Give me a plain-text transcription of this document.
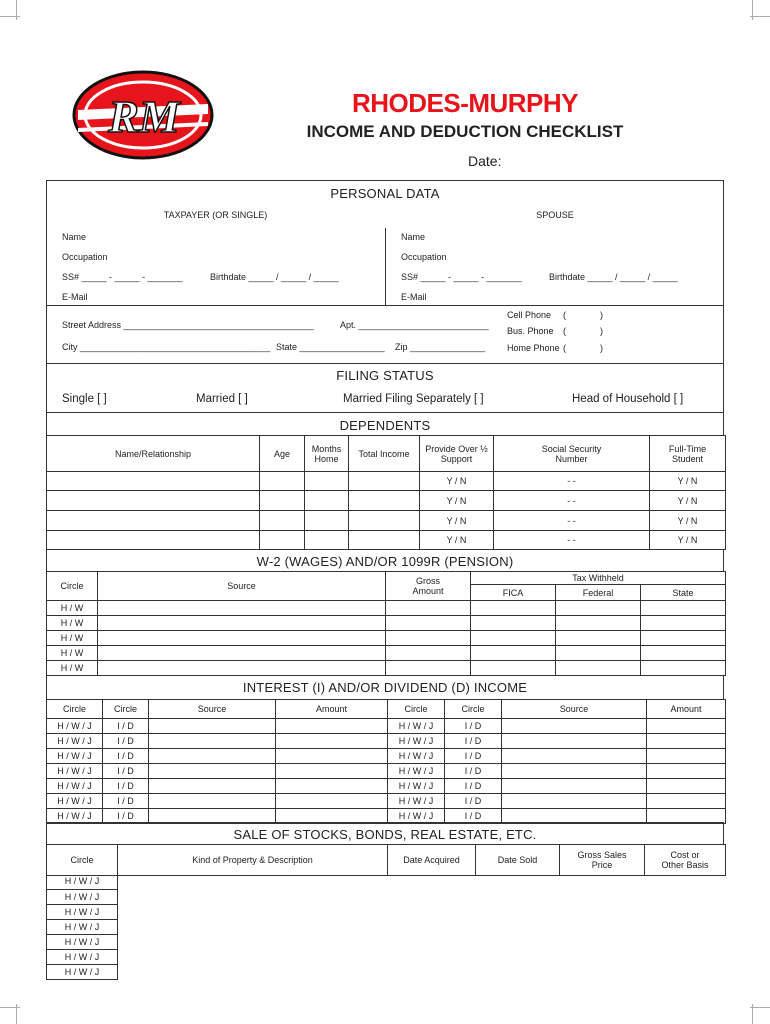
RM	RHODES-MURPHY
INCOME AND DEDUCTION CHECKLIST
Date:
PERSONAL DATA
TAXPAYER (OR SINGLE)	SPOUSE
Name
Occupation
SS# _____ - _____ - _______	Birthdate _____ / _____ / _____
E-Mail
Name
Occupation
SS# _____ - _____ - _______	Birthdate _____ / _____ / _____
E-Mail
Street Address ______________________________________	Apt. __________________________
City ______________________________________ State _________________ Zip _______________
Cell Phone (	)
Bus. Phone (	)
Home Phone (	)
FILING STATUS
Single [ ]	Married [ ]	Married Filing Separately [ ]	Head of Household [ ]
DEPENDENTS
Name/Relationship	Age	Months Home	Total Income	Provide Over ½ Support	Social Security Number	Full-Time Student
				Y / N	- -	Y / N
				Y / N	- -	Y / N
				Y / N	- -	Y / N
				Y / N	- -	Y / N
W-2 (WAGES) AND/OR 1099R (PENSION)
Circle	Source	Gross Amount	Tax Withheld		
			FICA	Federal	State
H / W					
H / W					
H / W					
H / W					
H / W					
INTEREST (I) AND/OR DIVIDEND (D) INCOME
Circle	Circle	Source	Amount	Circle	Circle	Source	Amount
H / W / J	I / D			H / W / J	I / D		
H / W / J	I / D			H / W / J	I / D		
H / W / J	I / D			H / W / J	I / D		
H / W / J	I / D			H / W / J	I / D		
H / W / J	I / D			H / W / J	I / D		
H / W / J	I / D			H / W / J	I / D		
H / W / J	I / D			H / W / J	I / D		
SALE OF STOCKS, BONDS, REAL ESTATE, ETC.
Circle	Kind of Property & Description	Date Acquired	Date Sold	Gross Sales Price	Cost or Other Basis
H / W / J
H / W / J
H / W / J
H / W / J
H / W / J
H / W / J
H / W / J
